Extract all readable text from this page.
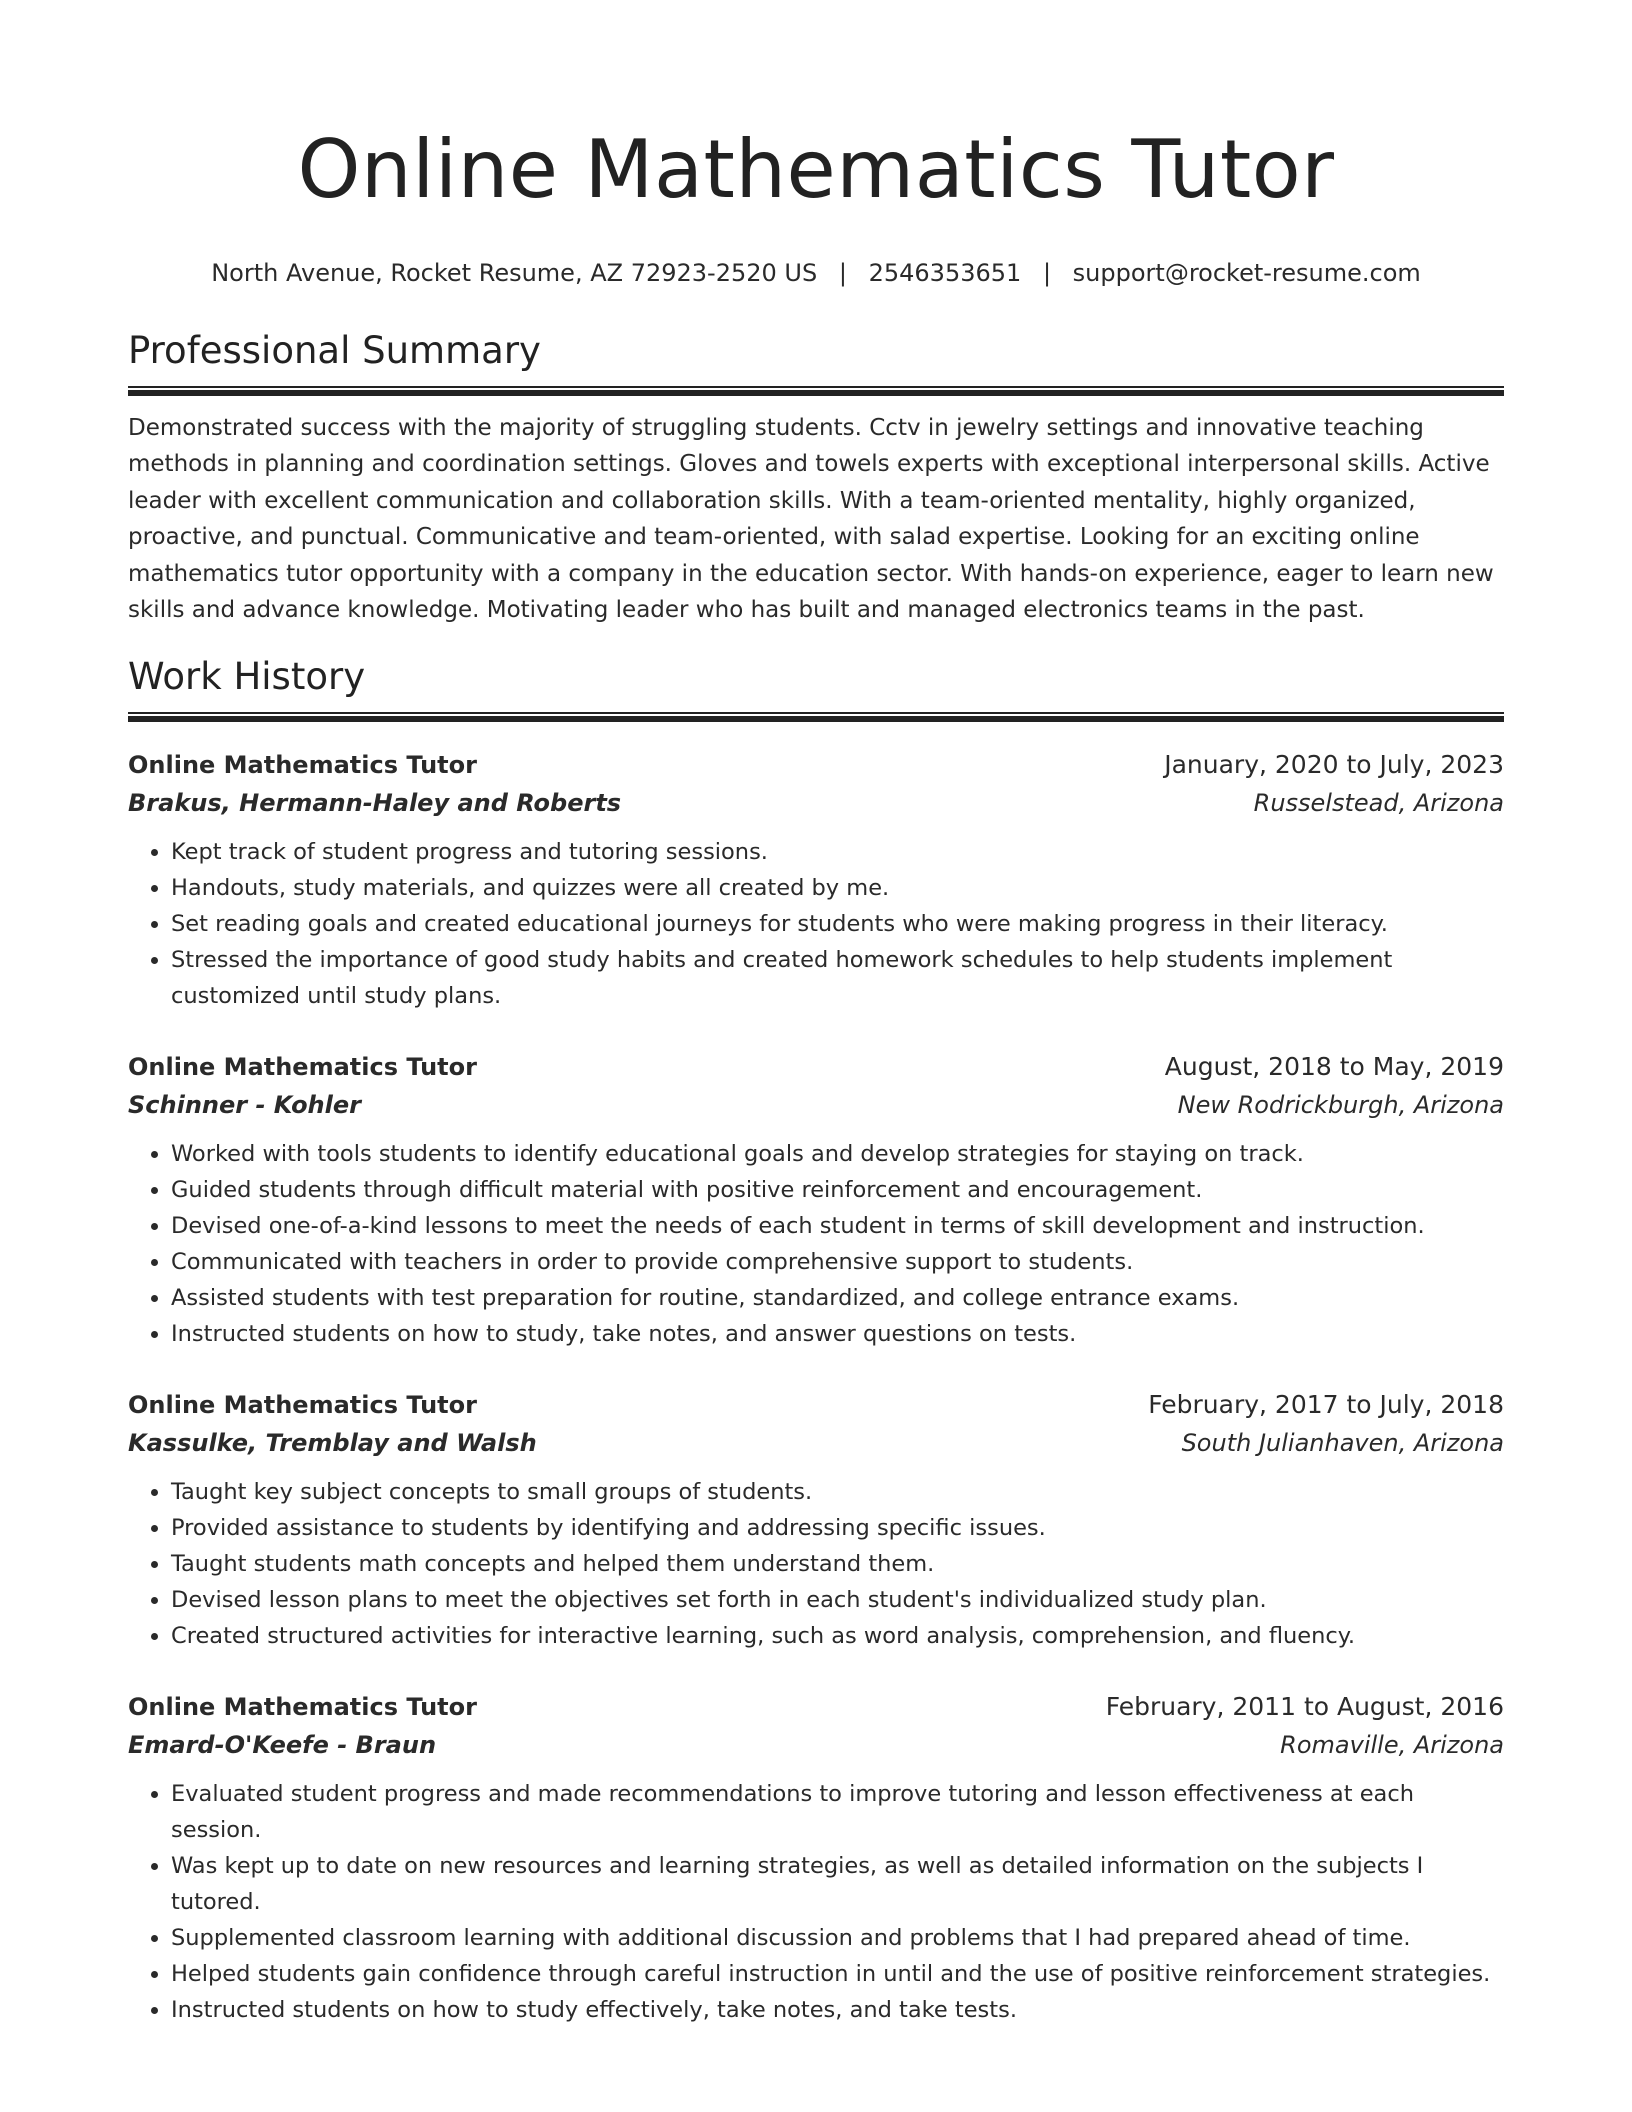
Online Mathematics Tutor
North Avenue, Rocket Resume, AZ 72923-2520 US | 2546353651 | support@rocket-resume.com
Professional Summary

Demonstrated success with the majority of struggling students. Cctv in jewelry settings and innovative teaching methods in planning and coordination settings. Gloves and towels experts with exceptional interpersonal skills. Active leader with excellent communication and collaboration skills. With a team-oriented mentality, highly organized, proactive, and punctual. Communicative and team-oriented, with salad expertise. Looking for an exciting online mathematics tutor opportunity with a company in the education sector. With hands-on experience, eager to learn new skills and advance knowledge. Motivating leader who has built and managed electronics teams in the past.

Work History
Online Mathematics Tutor	January, 2020 to July, 2023
Brakus, Hermann-Haley and Roberts	Russelstead, Arizona
• Kept track of student progress and tutoring sessions.
• Handouts, study materials, and quizzes were all created by me.
• Set reading goals and created educational journeys for students who were making progress in their literacy.
• Stressed the importance of good study habits and created homework schedules to help students implement customized until study plans.
Online Mathematics Tutor	August, 2018 to May, 2019
Schinner - Kohler	New Rodrickburgh, Arizona
• Worked with tools students to identify educational goals and develop strategies for staying on track.
• Guided students through difficult material with positive reinforcement and encouragement.
• Devised one-of-a-kind lessons to meet the needs of each student in terms of skill development and instruction.
• Communicated with teachers in order to provide comprehensive support to students.
• Assisted students with test preparation for routine, standardized, and college entrance exams.
• Instructed students on how to study, take notes, and answer questions on tests.
Online Mathematics Tutor	February, 2017 to July, 2018
Kassulke, Tremblay and Walsh	South Julianhaven, Arizona
• Taught key subject concepts to small groups of students.
• Provided assistance to students by identifying and addressing specific issues.
• Taught students math concepts and helped them understand them.
• Devised lesson plans to meet the objectives set forth in each student's individualized study plan.
• Created structured activities for interactive learning, such as word analysis, comprehension, and fluency.
Online Mathematics Tutor	February, 2011 to August, 2016
Emard-O'Keefe - Braun	Romaville, Arizona
• Evaluated student progress and made recommendations to improve tutoring and lesson effectiveness at each session.
• Was kept up to date on new resources and learning strategies, as well as detailed information on the subjects I tutored.
• Supplemented classroom learning with additional discussion and problems that I had prepared ahead of time.
• Helped students gain confidence through careful instruction in until and the use of positive reinforcement strategies.
• Instructed students on how to study effectively, take notes, and take tests.
